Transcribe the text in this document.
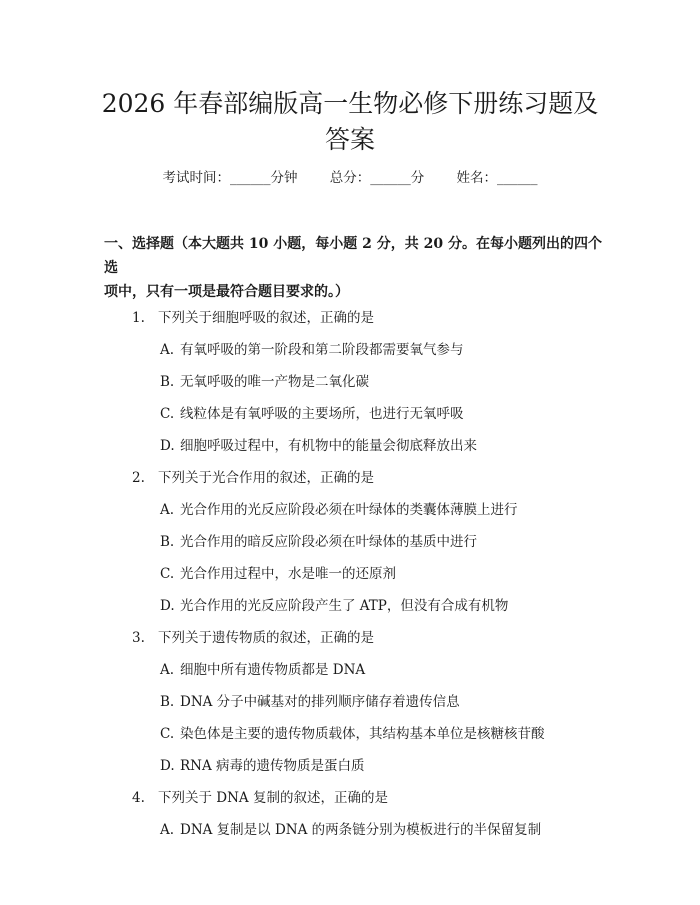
2026 年春部编版高一生物必修下册练习题及
答案
考试时间：______分钟 总分：______分 姓名：______
一、选择题（本大题共 10 小题，每小题 2 分，共 20 分。在每小题列出的四个选
项中，只有一项是最符合题目要求的。）
1. 下列关于细胞呼吸的叙述，正确的是
A. 有氧呼吸的第一阶段和第二阶段都需要氧气参与
B. 无氧呼吸的唯一产物是二氧化碳
C. 线粒体是有氧呼吸的主要场所，也进行无氧呼吸
D. 细胞呼吸过程中，有机物中的能量会彻底释放出来
2. 下列关于光合作用的叙述，正确的是
A. 光合作用的光反应阶段必须在叶绿体的类囊体薄膜上进行
B. 光合作用的暗反应阶段必须在叶绿体的基质中进行
C. 光合作用过程中，水是唯一的还原剂
D. 光合作用的光反应阶段产生了 ATP，但没有合成有机物
3. 下列关于遗传物质的叙述，正确的是
A. 细胞中所有遗传物质都是 DNA
B. DNA 分子中碱基对的排列顺序储存着遗传信息
C. 染色体是主要的遗传物质载体，其结构基本单位是核糖核苷酸
D. RNA 病毒的遗传物质是蛋白质
4. 下列关于 DNA 复制的叙述，正确的是
A. DNA 复制是以 DNA 的两条链分别为模板进行的半保留复制
